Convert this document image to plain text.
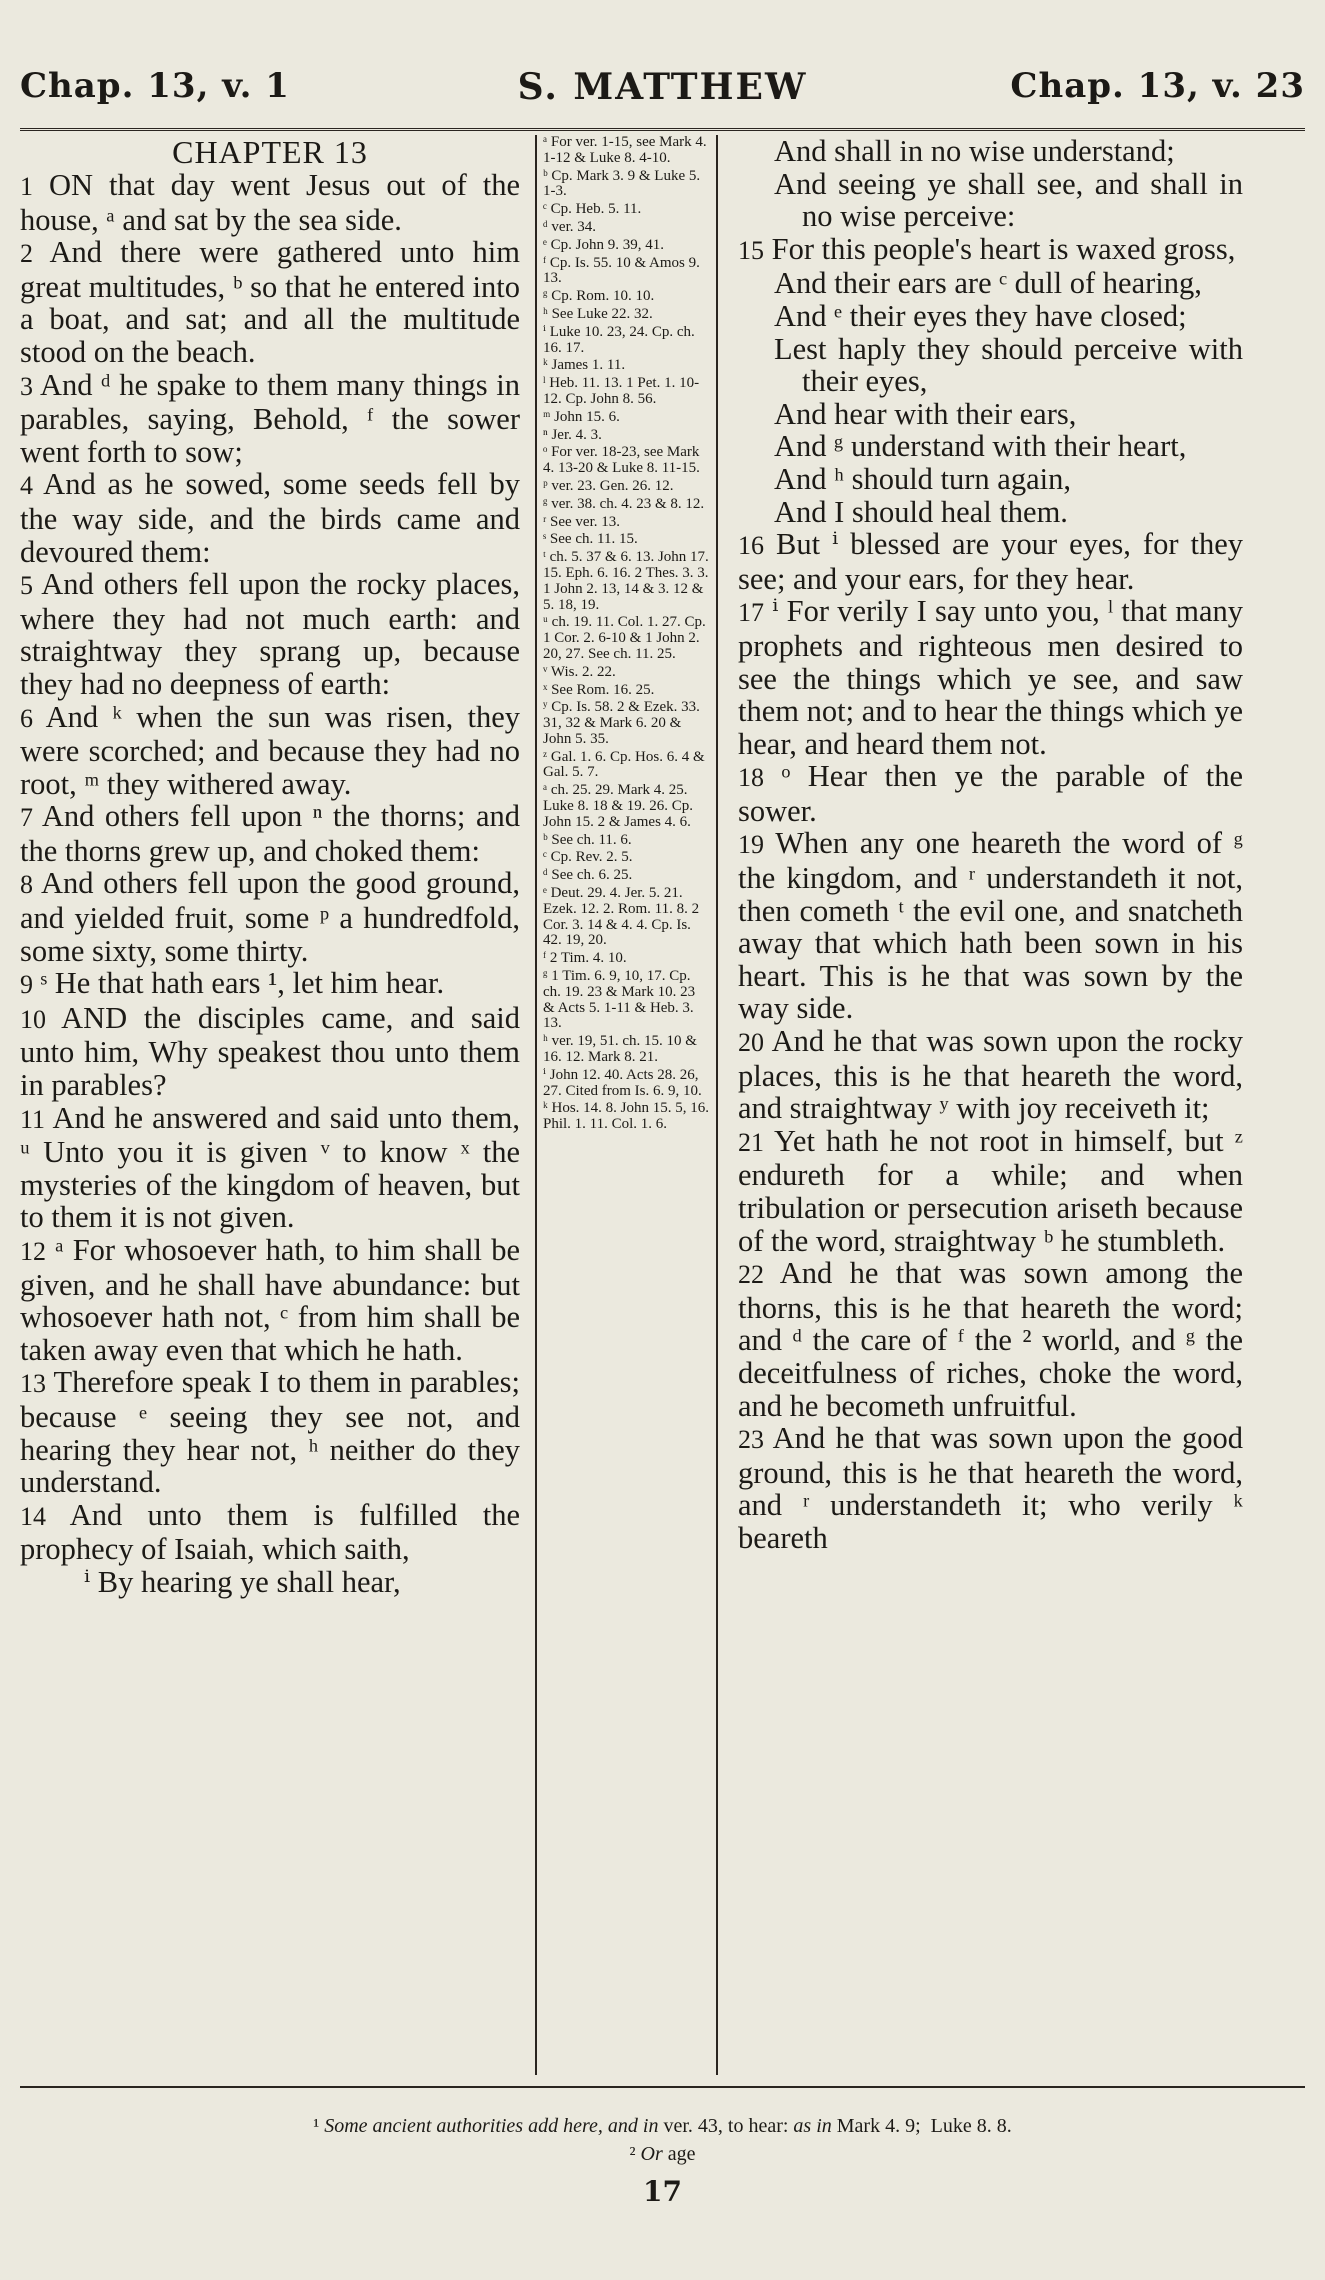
Chap. 13, v. 1	S. MATTHEW	Chap. 13, v. 23
CHAPTER 13

1 ON that day went Jesus out of the house, ᵃ and sat by the sea side.

2 And there were gathered unto him great multitudes, ᵇ so that he entered into a boat, and sat; and all the multitude stood on the beach.

3 And ᵈ he spake to them many things in parables, saying, Behold, ᶠ the sower went forth to sow;

4 And as he sowed, some seeds fell by the way side, and the birds came and devoured them:

5 And others fell upon the rocky places, where they had not much earth: and straightway they sprang up, because they had no deepness of earth:

6 And ᵏ when the sun was risen, they were scorched; and because they had no root, ᵐ they withered away.

7 And others fell upon ⁿ the thorns; and the thorns grew up, and choked them:

8 And others fell upon the good ground, and yielded fruit, some ᵖ a hundredfold, some sixty, some thirty.

9 ˢ He that hath ears ¹, let him hear.

10 AND the disciples came, and said unto him, Why speakest thou unto them in parables?

11 And he answered and said unto them, ᵘ Unto you it is given ᵛ to know ˣ the mysteries of the kingdom of heaven, but to them it is not given.

12 ᵃ For whosoever hath, to him shall be given, and he shall have abundance: but whosoever hath not, ᶜ from him shall be taken away even that which he hath.

13 Therefore speak I to them in parables; because ᵉ seeing they see not, and hearing they hear not, ʰ neither do they understand.

14 And unto them is fulfilled the prophecy of Isaiah, which saith,

ⁱ By hearing ye shall hear,

ᵃ For ver. 1-15, see Mark 4. 1-12 & Luke 8. 4-10.

ᵇ Cp. Mark 3. 9 & Luke 5. 1-3.

ᶜ Cp. Heb. 5. 11.

ᵈ ver. 34.

ᵉ Cp. John 9. 39, 41.

ᶠ Cp. Is. 55. 10 & Amos 9. 13.

ᵍ Cp. Rom. 10. 10.

ʰ See Luke 22. 32.

ⁱ Luke 10. 23, 24. Cp. ch. 16. 17.

ᵏ James 1. 11.

ˡ Heb. 11. 13. 1 Pet. 1. 10-12. Cp. John 8. 56.

ᵐ John 15. 6.

ⁿ Jer. 4. 3.

ᵒ For ver. 18-23, see Mark 4. 13-20 & Luke 8. 11-15.

ᵖ ver. 23. Gen. 26. 12.

ᵍ ver. 38. ch. 4. 23 & 8. 12.

ʳ See ver. 13.

ˢ See ch. 11. 15.

ᵗ ch. 5. 37 & 6. 13. John 17. 15. Eph. 6. 16. 2 Thes. 3. 3. 1 John 2. 13, 14 & 3. 12 & 5. 18, 19.

ᵘ ch. 19. 11. Col. 1. 27. Cp. 1 Cor. 2. 6-10 & 1 John 2. 20, 27. See ch. 11. 25.

ᵛ Wis. 2. 22.

ˣ See Rom. 16. 25.

ʸ Cp. Is. 58. 2 & Ezek. 33. 31, 32 & Mark 6. 20 & John 5. 35.

ᶻ Gal. 1. 6. Cp. Hos. 6. 4 & Gal. 5. 7.

ᵃ ch. 25. 29. Mark 4. 25. Luke 8. 18 & 19. 26. Cp. John 15. 2 & James 4. 6.

ᵇ See ch. 11. 6.

ᶜ Cp. Rev. 2. 5.

ᵈ See ch. 6. 25.

ᵉ Deut. 29. 4. Jer. 5. 21. Ezek. 12. 2. Rom. 11. 8. 2 Cor. 3. 14 & 4. 4. Cp. Is. 42. 19, 20.

ᶠ 2 Tim. 4. 10.

ᵍ 1 Tim. 6. 9, 10, 17. Cp. ch. 19. 23 & Mark 10. 23 & Acts 5. 1-11 & Heb. 3. 13.

ʰ ver. 19, 51. ch. 15. 10 & 16. 12. Mark 8. 21.

ⁱ John 12. 40. Acts 28. 26, 27. Cited from Is. 6. 9, 10.

ᵏ Hos. 14. 8. John 15. 5, 16. Phil. 1. 11. Col. 1. 6.

And shall in no wise understand;

And seeing ye shall see, and shall in no wise perceive:

15 For this people's heart is waxed gross,

And their ears are ᶜ dull of hearing,

And ᵉ their eyes they have closed;

Lest haply they should perceive with their eyes,

And hear with their ears,

And ᵍ understand with their heart,

And ʰ should turn again,

And I should heal them.

16 But ⁱ blessed are your eyes, for they see; and your ears, for they hear.

17 ⁱ For verily I say unto you, ˡ that many prophets and righteous men desired to see the things which ye see, and saw them not; and to hear the things which ye hear, and heard them not.

18 ᵒ Hear then ye the parable of the sower.

19 When any one heareth the word of ᵍ the kingdom, and ʳ understandeth it not, then cometh ᵗ the evil one, and snatcheth away that which hath been sown in his heart. This is he that was sown by the way side.

20 And he that was sown upon the rocky places, this is he that heareth the word, and straightway ʸ with joy receiveth it;

21 Yet hath he not root in himself, but ᶻ endureth for a while; and when tribulation or persecution ariseth because of the word, straightway ᵇ he stumbleth.

22 And he that was sown among the thorns, this is he that heareth the word; and ᵈ the care of ᶠ the ² world, and ᵍ the deceitfulness of riches, choke the word, and he becometh unfruitful.

23 And he that was sown upon the good ground, this is he that heareth the word, and ʳ understandeth it; who verily ᵏ beareth

¹ Some ancient authorities add here, and in ver. 43, to hear: as in Mark 4. 9;  Luke 8. 8.
² Or age
17
